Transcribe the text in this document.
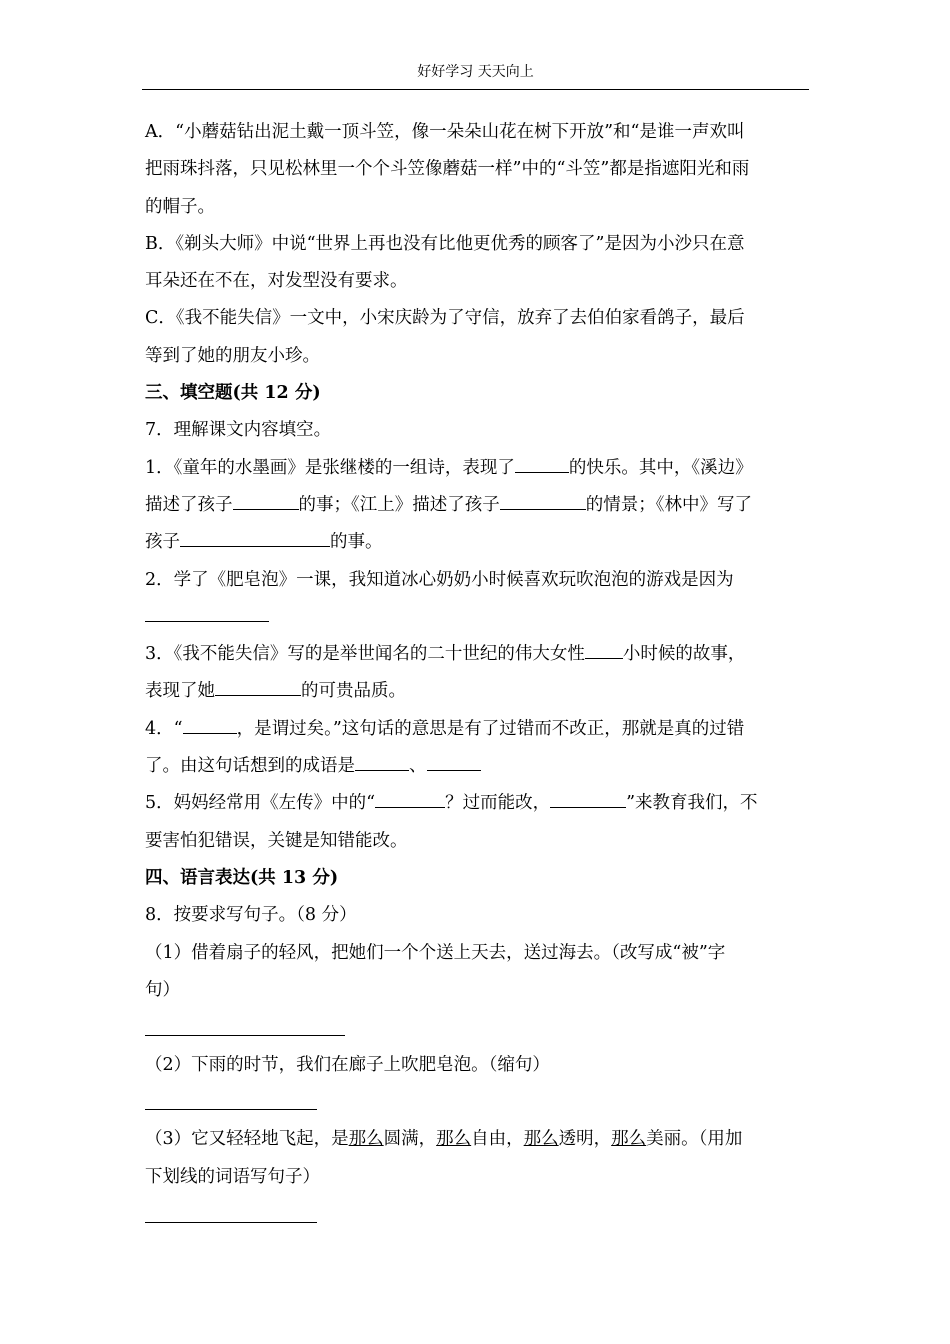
好好学习 天天向上
A．“小蘑菇钻出泥土戴一顶斗笠，像一朵朵山花在树下开放”和“是谁一声欢叫
把雨珠抖落，只见松林里一个个斗笠像蘑菇一样”中的“斗笠”都是指遮阳光和雨
的帽子。
B．《剃头大师》中说“世界上再也没有比他更优秀的顾客了”是因为小沙只在意
耳朵还在不在，对发型没有要求。
C．《我不能失信》一文中，小宋庆龄为了守信，放弃了去伯伯家看鸽子，最后
等到了她的朋友小珍。
三、填空题(共 12 分)
7．理解课文内容填空。
1．《童年的水墨画》是张继楼的一组诗，表现了	的快乐。其中，《溪边》
描述了孩子	的事；《江上》描述了孩子	的情景；《林中》写了
孩子	的事。
2．学了《肥皂泡》一课，我知道冰心奶奶小时候喜欢玩吹泡泡的游戏是因为
3．《我不能失信》写的是举世闻名的二十世纪的伟大女性 小时候的故事，
表现了她	的可贵品质。
4．“	，是谓过矣。”这句话的意思是有了过错而不改正，那就是真的过错
了。由这句话想到的成语是	、
5．妈妈经常用《左传》中的“	？过而能改，	”来教育我们，不
要害怕犯错误，关键是知错能改。
四、语言表达(共 13 分)
8．按要求写句子。（8 分）
（1）借着扇子的轻风，把她们一个个送上天去，送过海去。（改写成“被”字
句）
（2）下雨的时节，我们在廊子上吹肥皂泡。（缩句）
（3）它又轻轻地飞起，是那么圆满，那么自由，那么透明，那么美丽。（用加
下划线的词语写句子）
